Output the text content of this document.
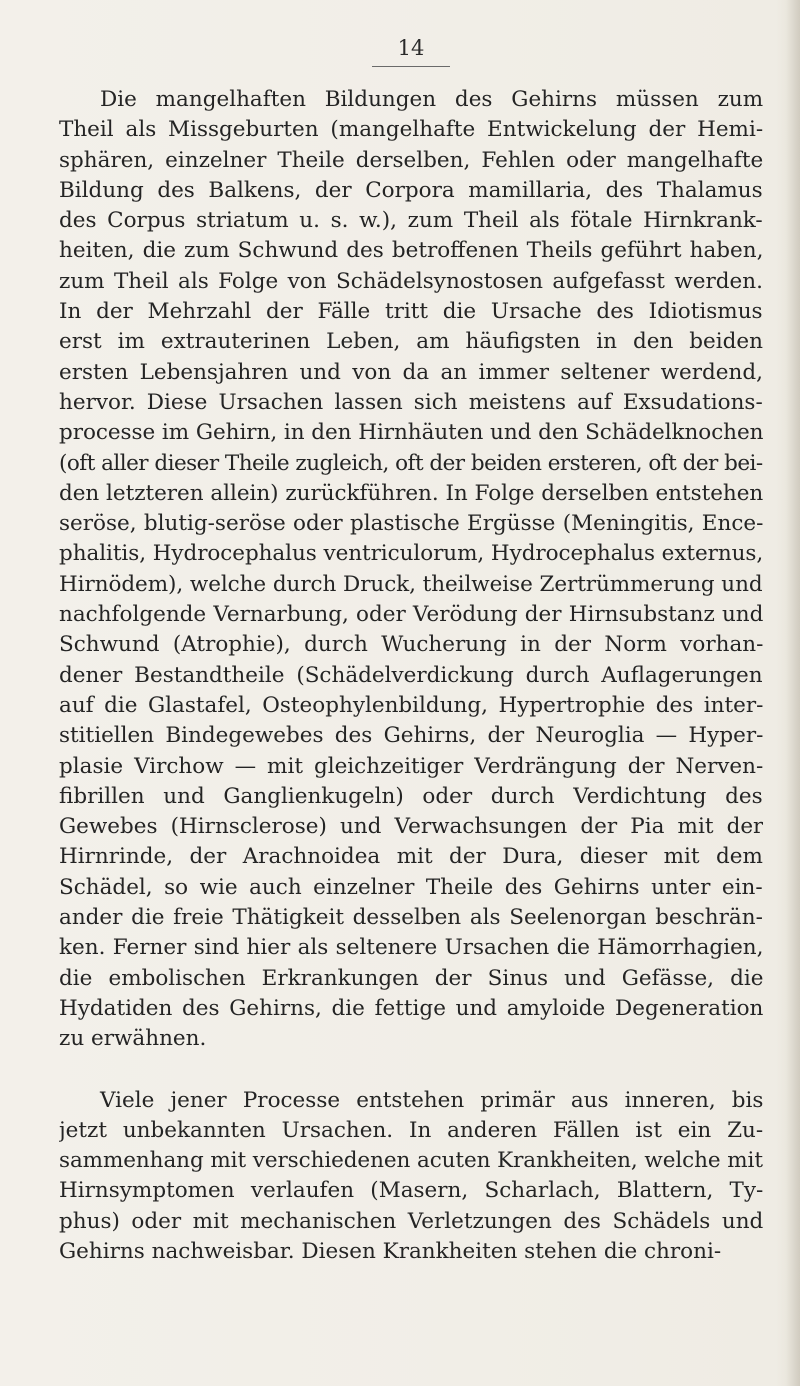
14
Die mangelhaften Bildungen des Gehirns müssen zum
Theil als Missgeburten (mangelhafte Entwickelung der Hemi-
sphären, einzelner Theile derselben, Fehlen oder mangelhafte
Bildung des Balkens, der Corpora mamillaria, des Thalamus
des Corpus striatum u. s. w.), zum Theil als fötale Hirnkrank-
heiten, die zum Schwund des betroffenen Theils geführt haben,
zum Theil als Folge von Schädelsynostosen aufgefasst werden.
In der Mehrzahl der Fälle tritt die Ursache des Idiotismus
erst im extrauterinen Leben, am häufigsten in den beiden
ersten Lebensjahren und von da an immer seltener werdend,
hervor. Diese Ursachen lassen sich meistens auf Exsudations-
processe im Gehirn, in den Hirnhäuten und den Schädelknochen
(oft aller dieser Theile zugleich, oft der beiden ersteren, oft der bei-
den letzteren allein) zurückführen. In Folge derselben entstehen
seröse, blutig-seröse oder plastische Ergüsse (Meningitis, Ence-
phalitis, Hydrocephalus ventriculorum, Hydrocephalus externus,
Hirnödem), welche durch Druck, theilweise Zertrümmerung und
nachfolgende Vernarbung, oder Verödung der Hirnsubstanz und
Schwund (Atrophie), durch Wucherung in der Norm vorhan-
dener Bestandtheile (Schädelverdickung durch Auflagerungen
auf die Glastafel, Osteophylenbildung, Hypertrophie des inter-
stitiellen Bindegewebes des Gehirns, der Neuroglia — Hyper-
plasie Virchow — mit gleichzeitiger Verdrängung der Nerven-
fibrillen und Ganglienkugeln) oder durch Verdichtung des
Gewebes (Hirnsclerose) und Verwachsungen der Pia mit der
Hirnrinde, der Arachnoidea mit der Dura, dieser mit dem
Schädel, so wie auch einzelner Theile des Gehirns unter ein-
ander die freie Thätigkeit desselben als Seelenorgan beschrän-
ken. Ferner sind hier als seltenere Ursachen die Hämorrhagien,
die embolischen Erkrankungen der Sinus und Gefässe, die
Hydatiden des Gehirns, die fettige und amyloide Degeneration
zu erwähnen.
Viele jener Processe entstehen primär aus inneren, bis
jetzt unbekannten Ursachen. In anderen Fällen ist ein Zu-
sammenhang mit verschiedenen acuten Krankheiten, welche mit
Hirnsymptomen verlaufen (Masern, Scharlach, Blattern, Ty-
phus) oder mit mechanischen Verletzungen des Schädels und
Gehirns nachweisbar. Diesen Krankheiten stehen die chroni-
